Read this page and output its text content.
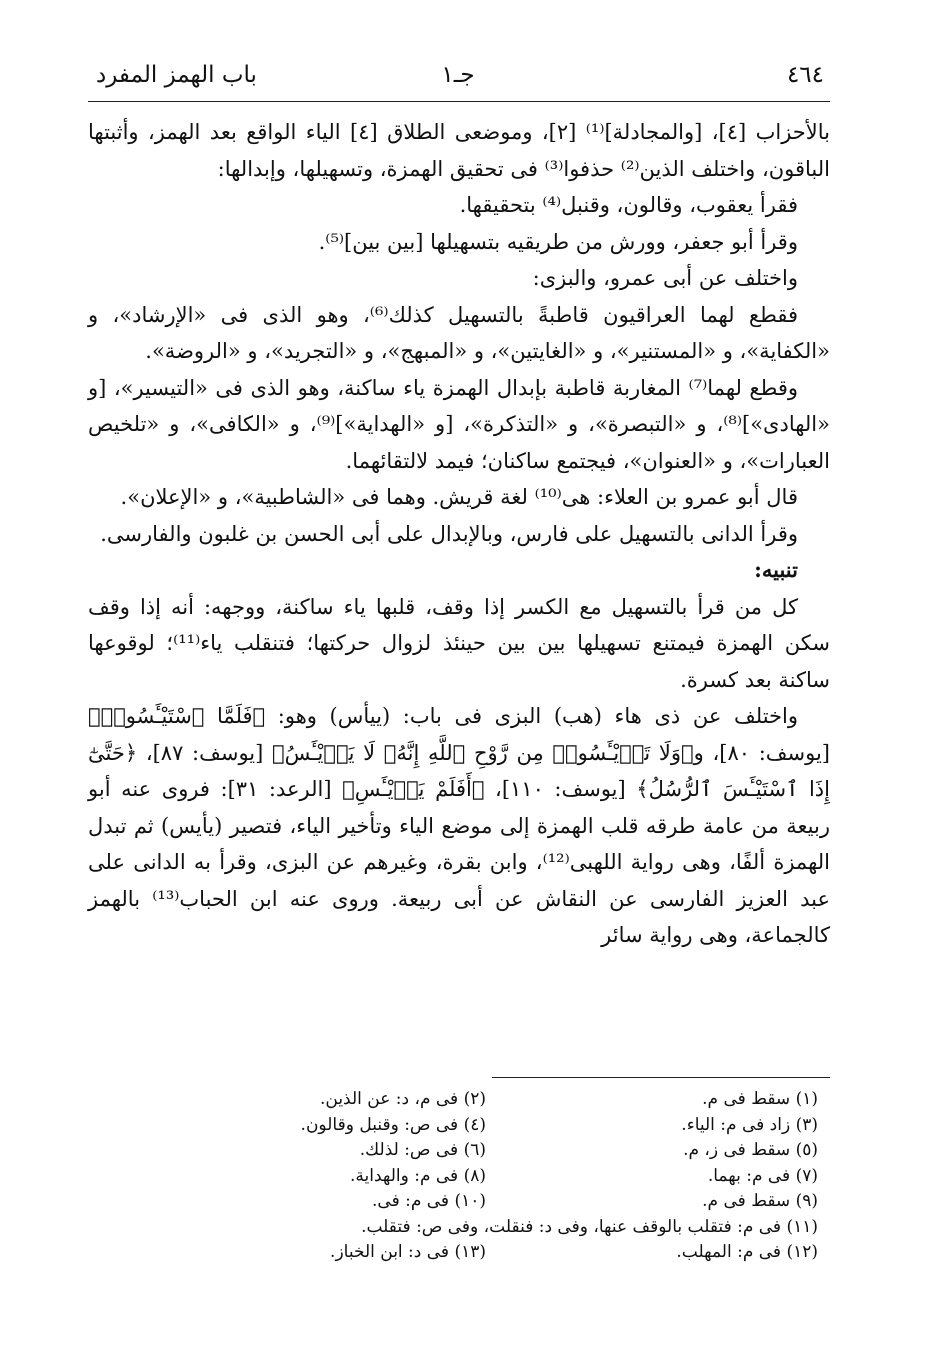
٤٦٤
جـ١
باب الهمز المفرد

بالأحزاب [٤]، [والمجادلة]⁽¹⁾ [٢]، وموضعى الطلاق [٤] الياء الواقع بعد الهمز، وأثبتها الباقون، واختلف الذين⁽²⁾ حذفوا⁽³⁾ فى تحقيق الهمزة، وتسهيلها، وإبدالها:

فقرأ يعقوب، وقالون، وقنبل⁽⁴⁾ بتحقيقها.

وقرأ أبو جعفر، وورش من طريقيه بتسهيلها [بين بين]⁽⁵⁾.

واختلف عن أبى عمرو، والبزى:

فقطع لهما العراقيون قاطبةً بالتسهيل كذلك⁽⁶⁾، وهو الذى فى «الإرشاد»، و «الكفاية»، و «المستنير»، و «الغايتين»، و «المبهج»، و «التجريد»، و «الروضة».

وقطع لهما⁽⁷⁾ المغاربة قاطبة بإبدال الهمزة ياء ساكنة، وهو الذى فى «التيسير»، [و «الهادى»]⁽⁸⁾، و «التبصرة»، و «التذكرة»، [و «الهداية»]⁽⁹⁾، و «الكافى»، و «تلخيص العبارات»، و «العنوان»، فيجتمع ساكنان؛ فيمد لالتقائهما.

قال أبو عمرو بن العلاء: هى⁽¹⁰⁾ لغة قريش. وهما فى «الشاطبية»، و «الإعلان».

وقرأ الدانى بالتسهيل على فارس، وبالإبدال على أبى الحسن بن غلبون والفارسى.

تنبيه:

كل من قرأ بالتسهيل مع الكسر إذا وقف، قلبها ياء ساكنة، ووجهه: أنه إذا وقف سكن الهمزة فيمتنع تسهيلها بين بين حينئذ لزوال حركتها؛ فتنقلب ياء⁽¹¹⁾؛ لوقوعها ساكنة بعد كسرة.

واختلف عن ذى هاء (هب) البزى فى باب: (ييأس) وهو: ﴿فَلَمَّا ٱسْتَيْـَٔسُوا۟﴾ [يوسف: ٨٠]، و﴿وَلَا تَا۟يْـَٔسُوا۟ مِن رَّوْحِ ٱللَّهِ إِنَّهُۥ لَا يَا۟يْـَٔسُ﴾ [يوسف: ٨٧]، ﴿حَتَّىٰٓ إِذَا ٱسْتَيْـَٔسَ ٱلرُّسُلُ﴾ [يوسف: ١١٠]، ﴿أَفَلَمْ يَا۟يْـَٔسِ﴾ [الرعد: ٣١]: فروى عنه أبو ربيعة من عامة طرقه قلب الهمزة إلى موضع الياء وتأخير الياء، فتصير (يأيس) ثم تبدل الهمزة ألفًا، وهى رواية اللهبى⁽¹²⁾، وابن بقرة، وغيرهم عن البزى، وقرأ به الدانى على عبد العزيز الفارسى عن النقاش عن أبى ربيعة. وروى عنه ابن الحباب⁽¹³⁾ بالهمز كالجماعة، وهى رواية سائر

(١) سقط فى م.
(٢) فى م، د: عن الذين.
(٣) زاد فى م: الياء.
(٤) فى ص: وقنبل وقالون.
(٥) سقط فى ز، م.
(٦) فى ص: لذلك.
(٧) فى م: بهما.
(٨) فى م: والهداية.
(٩) سقط فى م.
(١٠) فى م: فى.
(١١) فى م: فتقلب بالوقف عنها، وفى د: فنقلت، وفى ص: فتقلب.
(١٢) فى م: المهلب.
(١٣) فى د: ابن الخباز.
